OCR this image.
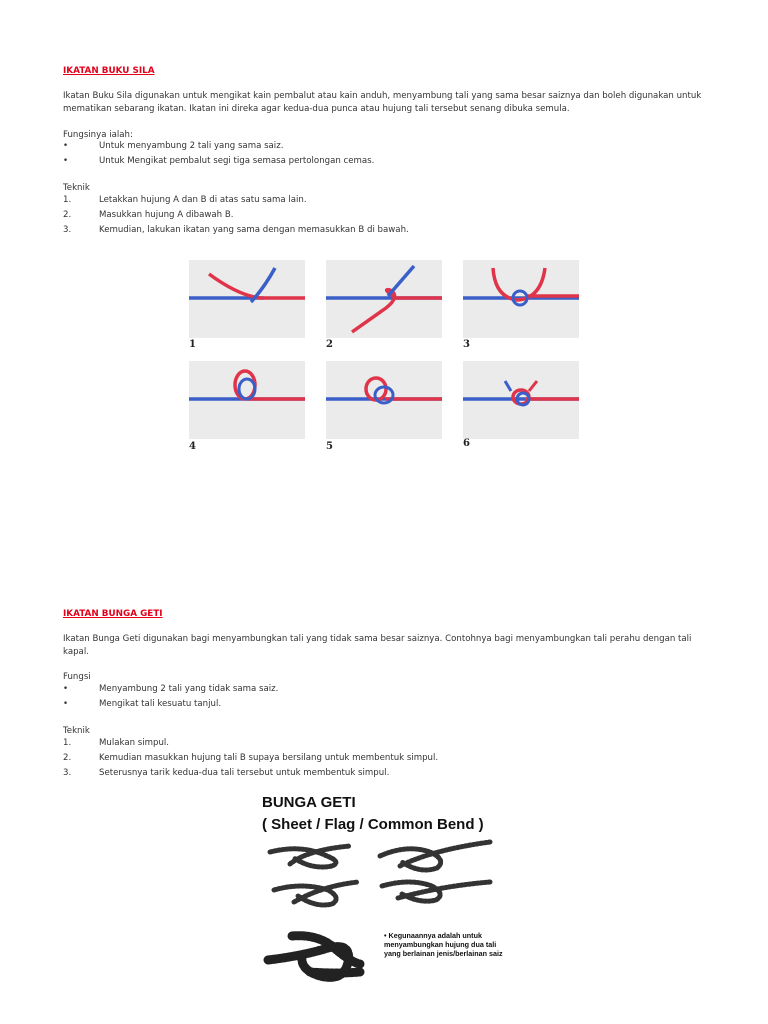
IKATAN BUKU SILA
Ikatan Buku Sila digunakan untuk mengikat kain pembalut atau kain anduh, menyambung tali yang sama besar saiznya dan boleh digunakan untuk mematikan sebarang ikatan. Ikatan ini direka agar kedua-dua punca atau hujung tali tersebut senang dibuka semula.
Fungsinya ialah:
•	Untuk menyambung 2 tali yang sama saiz.
•	Untuk Mengikat pembalut segi tiga semasa pertolongan cemas.
Teknik
1.	Letakkan hujung A dan B di atas satu sama lain.
2.	Masukkan hujung A dibawah B.
3.	Kemudian, lakukan ikatan yang sama dengan memasukkan B di bawah.
1	2	3
4	5	6
IKATAN BUNGA GETI
Ikatan Bunga Geti digunakan bagi menyambungkan tali yang tidak sama besar saiznya. Contohnya bagi menyambungkan tali perahu dengan tali kapal.
Fungsi
•	Menyambung 2 tali yang tidak sama saiz.
•	Mengikat tali kesuatu tanjul.
Teknik
1.	Mulakan simpul.
2.	Kemudian masukkan hujung tali B supaya bersilang untuk membentuk simpul.
3.	Seterusnya tarik kedua-dua tali tersebut untuk membentuk simpul.
BUNGA GETI
( Sheet / Flag / Common Bend )
• Kegunaannya adalah untuk menyambungkan hujung dua tali yang berlainan jenis/berlainan saiz
